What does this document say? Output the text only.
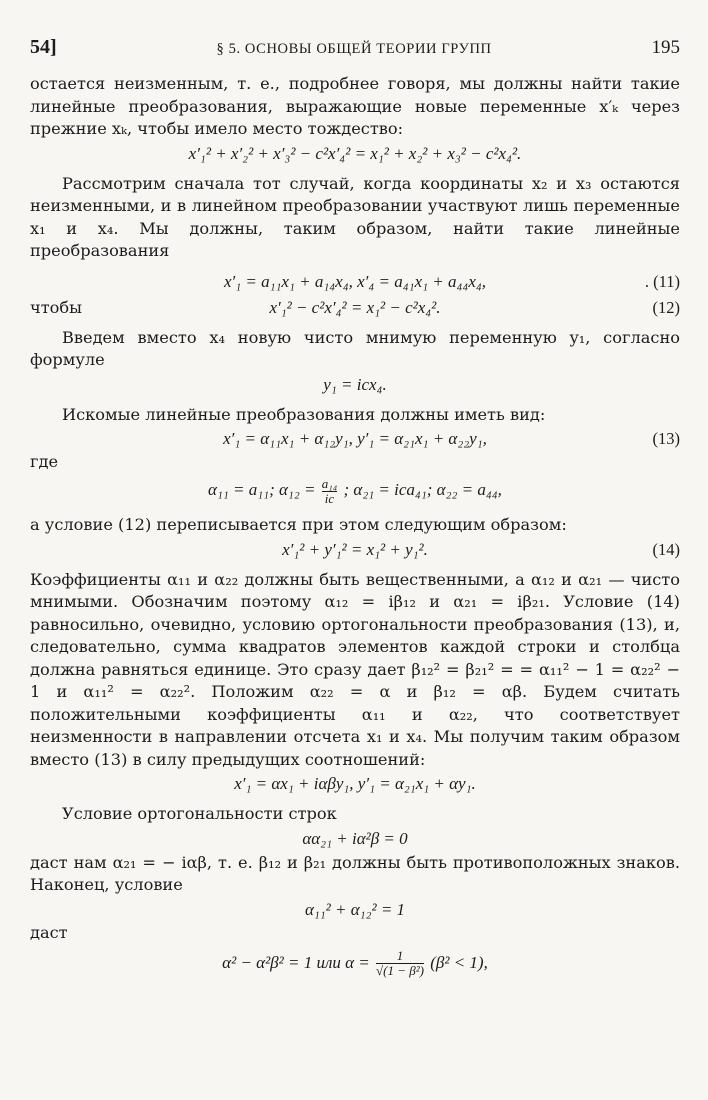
54]	§ 5. ОСНОВЫ ОБЩЕЙ ТЕОРИИ ГРУПП	195

остается неизменным, т. е., подробнее говоря, мы должны найти такие линейные преобразования, выражающие новые переменные x′ₖ через прежние xₖ, чтобы имело место тождество:

x′₁² + x′₂² + x′₃² − c²x′₄² = x₁² + x₂² + x₃² − c²x₄².

Рассмотрим сначала тот случай, когда координаты x₂ и x₃ остаются неизменными, и в линейном преобразовании участвуют лишь переменные x₁ и x₄. Мы должны, таким образом, найти такие линейные преобразования

x′₁ = a₁₁x₁ + a₁₄x₄, x′₄ = a₄₁x₁ + a₄₄x₄,	. (11)
чтобы	x′₁² − c²x′₄² = x₁² − c²x₄².	(12)

Введем вместо x₄ новую чисто мнимую переменную y₁, согласно формуле

y₁ = icx₄.

Искомые линейные преобразования должны иметь вид:

x′₁ = α₁₁x₁ + α₁₂y₁, y′₁ = α₂₁x₁ + α₂₂y₁,	(13)
где
α₁₁ = a₁₁; $\alpha_{12} = \frac{\text{a₁₄}}{ic}$ ; α₂₁ = ica₄₁; α₂₂ = a₄₄,

а условие (12) переписывается при этом следующим образом:

x′₁² + y′₁² = x₁² + y₁².	(14)

Коэффициенты α₁₁ и α₂₂ должны быть вещественными, а α₁₂ и α₂₁ — чисто мнимыми. Обозначим поэтому α₁₂ = iβ₁₂ и α₂₁ = iβ₂₁. Условие (14) равносильно, очевидно, условию ортогональности преобразования (13), и, следовательно, сумма квадратов элементов каждой строки и столбца должна равняться единице. Это сразу дает β₁₂² = β₂₁² = = α₁₁² − 1 = α₂₂² − 1 и α₁₁² = α₂₂². Положим α₂₂ = α и β₁₂ = αβ. Будем считать положительными коэффициенты α₁₁ и α₂₂, что соответствует неизменности в направлении отсчета x₁ и x₄. Мы получим таким образом вместо (13) в силу предыдущих соотношений:

x′₁ = αx₁ + iαβy₁, y′₁ = α₂₁x₁ + αy₁.

Условие ортогональности строк

αα₂₁ + iα²β = 0

даст нам α₂₁ = − iαβ, т. е. β₁₂ и β₂₁ должны быть противоположных знаков. Наконец, условие

α₁₁² + α₁₂² = 1
даст
α² − α²β² = 1 или $\alpha = \frac{1}{\text{√(1 − β²)}} (\beta^2 < 1)$,
